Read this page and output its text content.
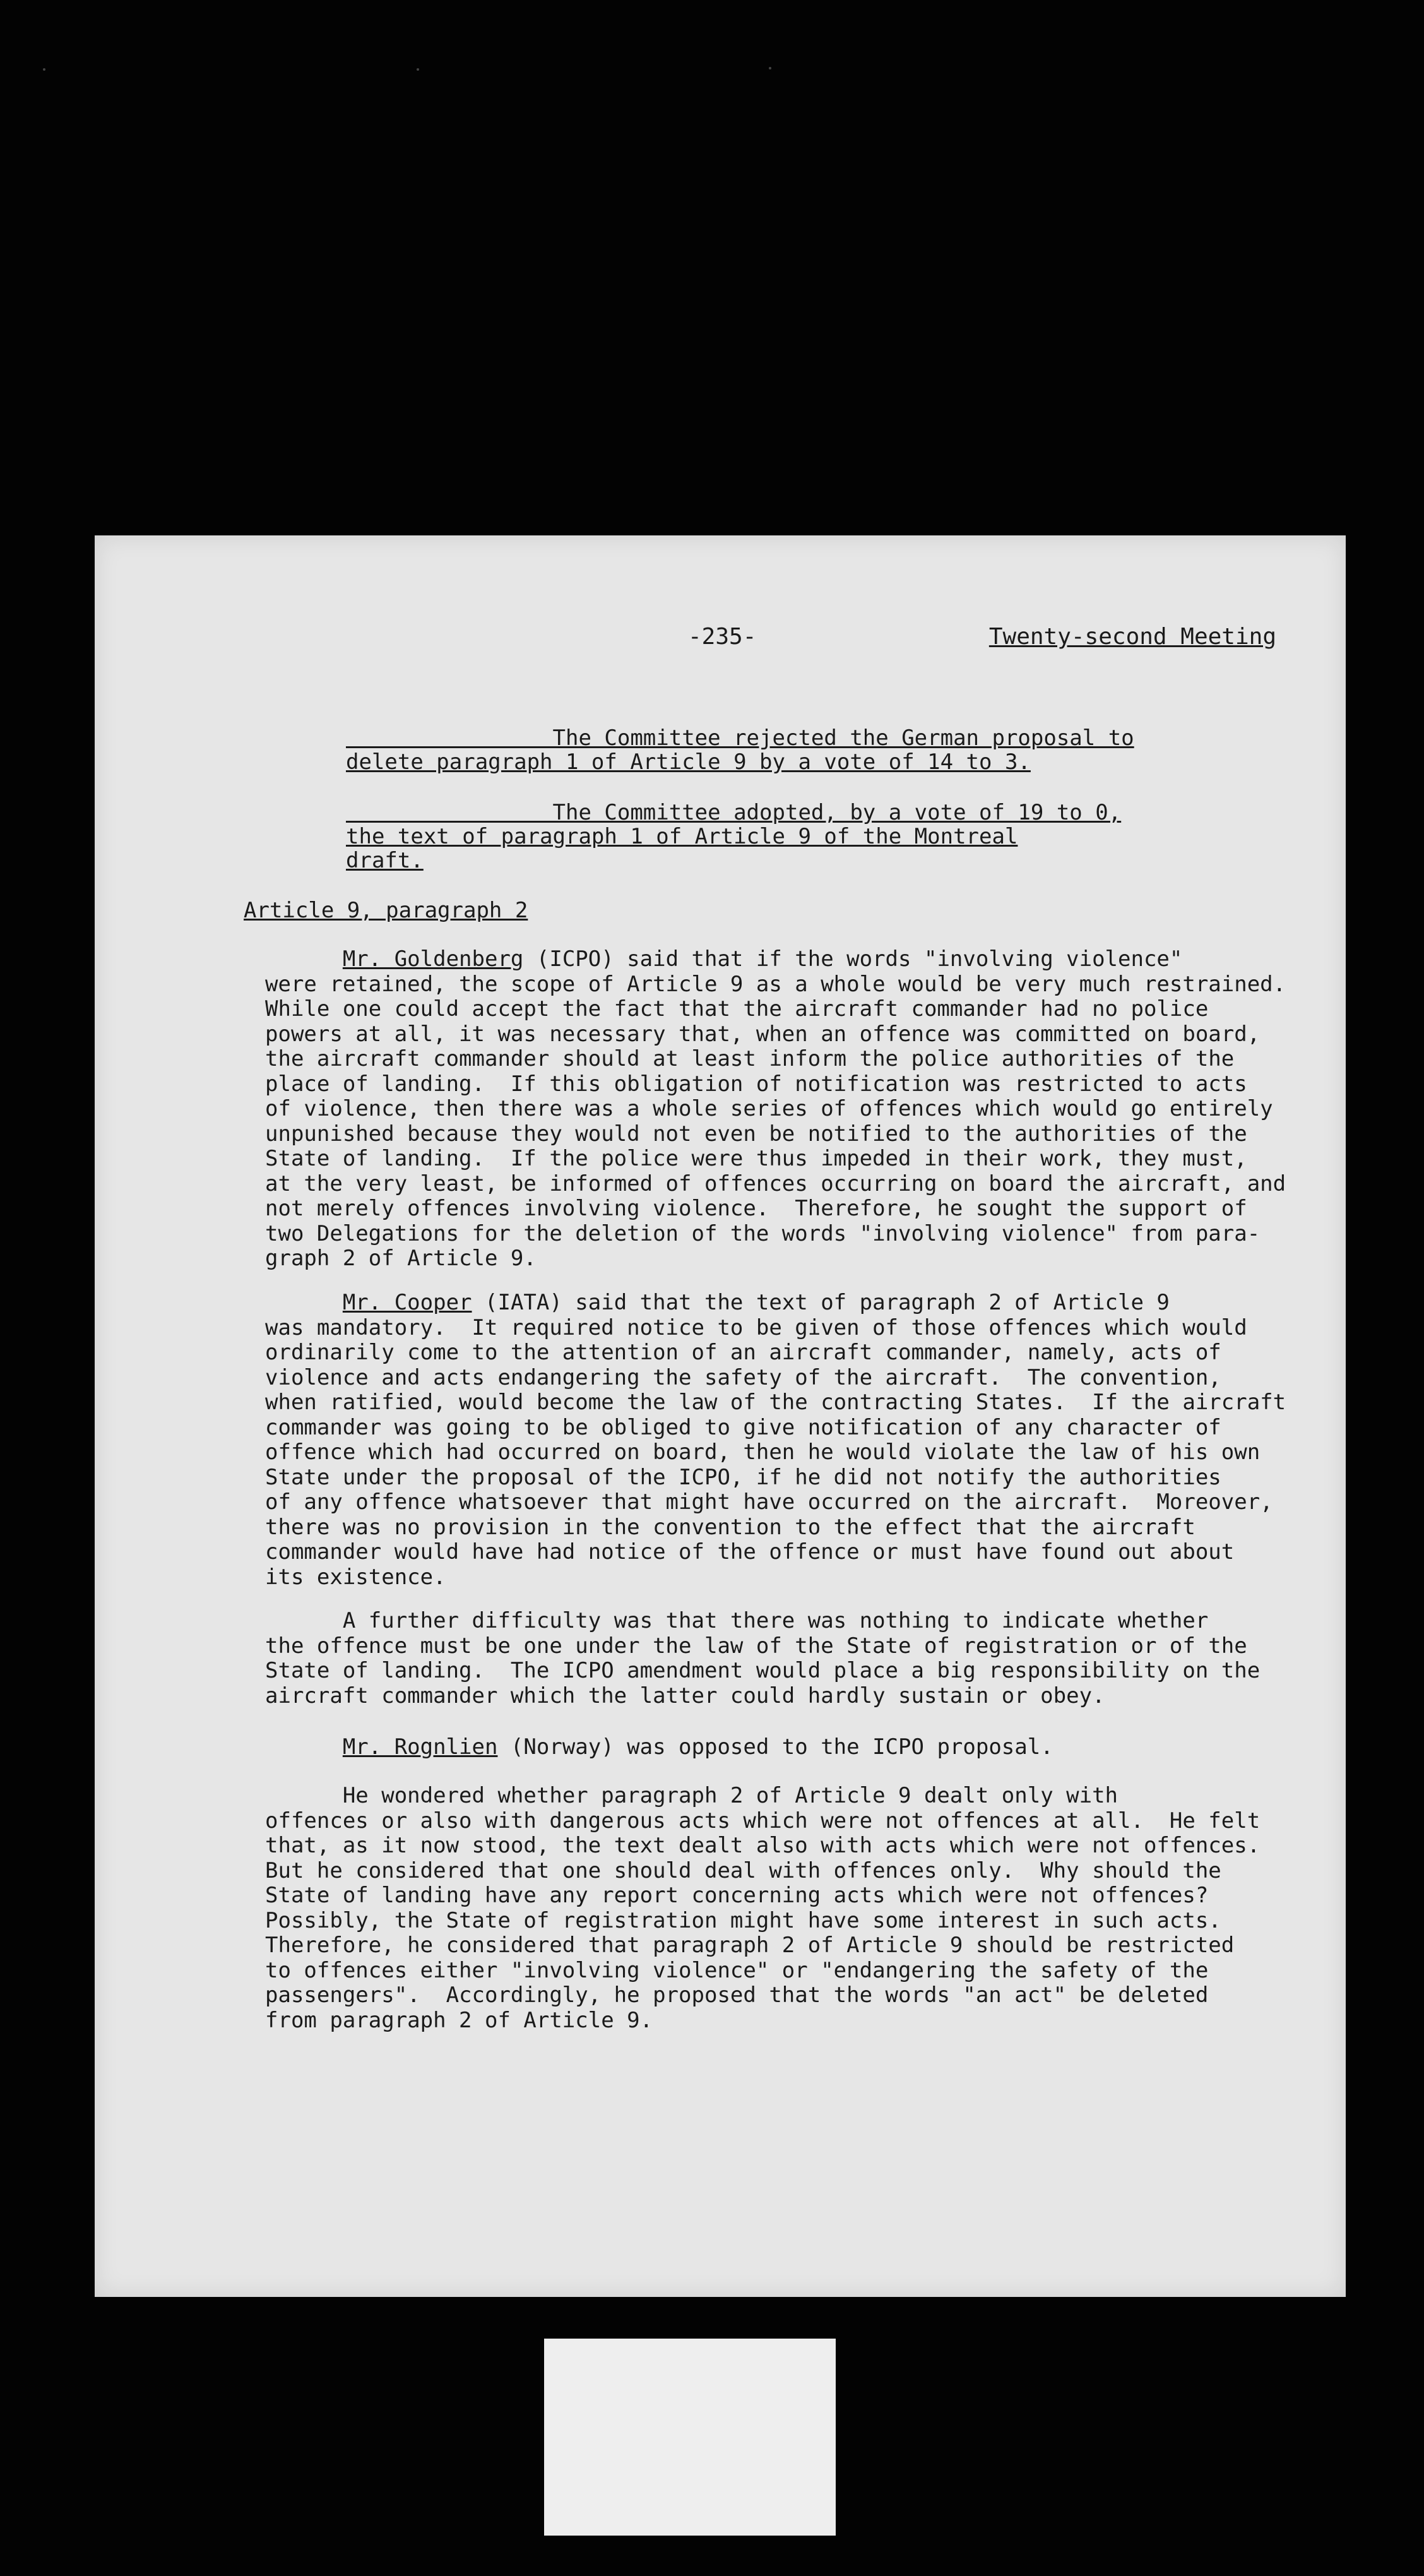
-235-	Twenty-second Meeting
The Committee rejected the German proposal to
delete paragraph 1 of Article 9 by a vote of 14 to 3.
The Committee adopted, by a vote of 19 to 0,
the text of paragraph 1 of Article 9 of the Montreal
draft.
Article 9, paragraph 2
Mr. Goldenberg (ICPO) said that if the words "involving violence"
were retained, the scope of Article 9 as a whole would be very much restrained.
While one could accept the fact that the aircraft commander had no police
powers at all, it was necessary that, when an offence was committed on board,
the aircraft commander should at least inform the police authorities of the
place of landing.  If this obligation of notification was restricted to acts
of violence, then there was a whole series of offences which would go entirely
unpunished because they would not even be notified to the authorities of the
State of landing.  If the police were thus impeded in their work, they must,
at the very least, be informed of offences occurring on board the aircraft, and
not merely offences involving violence.  Therefore, he sought the support of
two Delegations for the deletion of the words "involving violence" from para-
graph 2 of Article 9.
Mr. Cooper (IATA) said that the text of paragraph 2 of Article 9
was mandatory.  It required notice to be given of those offences which would
ordinarily come to the attention of an aircraft commander, namely, acts of
violence and acts endangering the safety of the aircraft.  The convention,
when ratified, would become the law of the contracting States.  If the aircraft
commander was going to be obliged to give notification of any character of
offence which had occurred on board, then he would violate the law of his own
State under the proposal of the ICPO, if he did not notify the authorities
of any offence whatsoever that might have occurred on the aircraft.  Moreover,
there was no provision in the convention to the effect that the aircraft
commander would have had notice of the offence or must have found out about
its existence.
A further difficulty was that there was nothing to indicate whether
the offence must be one under the law of the State of registration or of the
State of landing.  The ICPO amendment would place a big responsibility on the
aircraft commander which the latter could hardly sustain or obey.
Mr. Rognlien (Norway) was opposed to the ICPO proposal.
He wondered whether paragraph 2 of Article 9 dealt only with
offences or also with dangerous acts which were not offences at all.  He felt
that, as it now stood, the text dealt also with acts which were not offences.
But he considered that one should deal with offences only.  Why should the
State of landing have any report concerning acts which were not offences?
Possibly, the State of registration might have some interest in such acts.
Therefore, he considered that paragraph 2 of Article 9 should be restricted
to offences either "involving violence" or "endangering the safety of the
passengers".  Accordingly, he proposed that the words "an act" be deleted
from paragraph 2 of Article 9.
